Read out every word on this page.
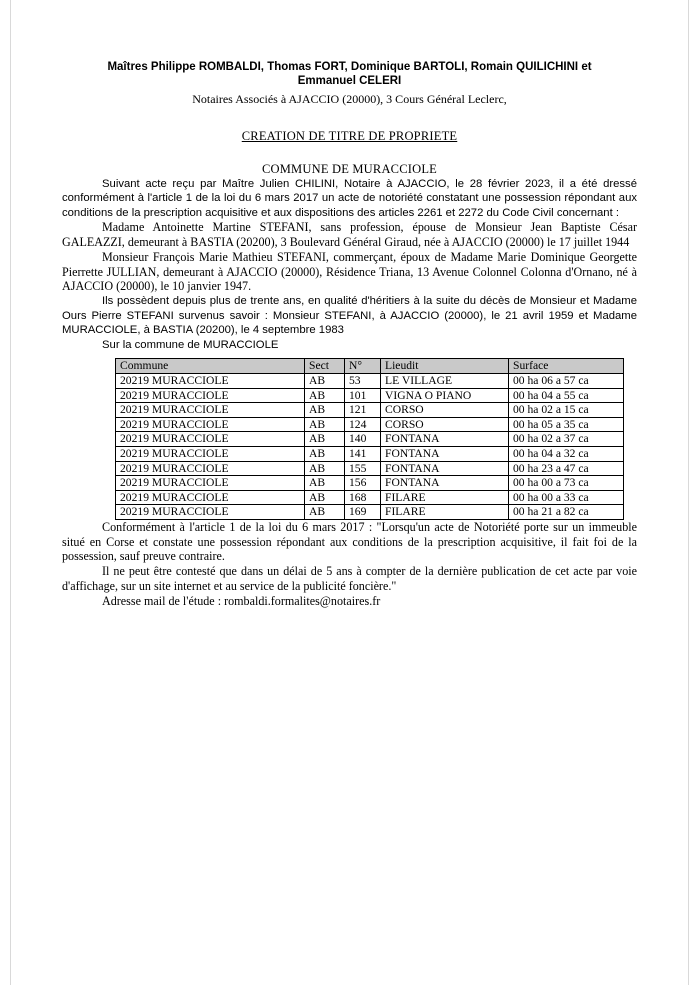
Maîtres Philippe ROMBALDI, Thomas FORT, Dominique BARTOLI, Romain QUILICHINI et
Emmanuel CELERI
Notaires Associés à AJACCIO (20000), 3 Cours Général Leclerc,
CREATION DE TITRE DE PROPRIETE
COMMUNE DE MURACCIOLE

Suivant acte reçu par Maître Julien CHILINI, Notaire à AJACCIO, le 28 février 2023, il a été dressé conformément à l'article 1 de la loi du 6 mars 2017 un acte de notoriété constatant une possession répondant aux conditions de la prescription acquisitive et aux dispositions des articles 2261 et 2272 du Code Civil concernant :

Madame Antoinette Martine STEFANI, sans profession, épouse de Monsieur Jean Baptiste César GALEAZZI, demeurant à BASTIA (20200), 3 Boulevard Général Giraud, née à AJACCIO (20000) le 17 juillet 1944

Monsieur François Marie Mathieu STEFANI, commerçant, époux de Madame Marie Dominique Georgette Pierrette JULLIAN, demeurant à AJACCIO (20000), Résidence Triana, 13 Avenue Colonnel Colonna d'Ornano, né à AJACCIO (20000), le 10 janvier 1947.

Ils possèdent depuis plus de trente ans, en qualité d'héritiers à la suite du décès de Monsieur et Madame Ours Pierre STEFANI survenus savoir : Monsieur STEFANI, à AJACCIO (20000), le 21 avril 1959 et Madame MURACCIOLE, à BASTIA (20200), le 4 septembre 1983

Sur la commune de MURACCIOLE

Commune	Sect	N°	Lieudit	Surface
20219 MURACCIOLE	AB	53	LE VILLAGE	00 ha 06 a 57 ca
20219 MURACCIOLE	AB	101	VIGNA O PIANO	00 ha 04 a 55 ca
20219 MURACCIOLE	AB	121	CORSO	00 ha 02 a 15 ca
20219 MURACCIOLE	AB	124	CORSO	00 ha 05 a 35 ca
20219 MURACCIOLE	AB	140	FONTANA	00 ha 02 a 37 ca
20219 MURACCIOLE	AB	141	FONTANA	00 ha 04 a 32 ca
20219 MURACCIOLE	AB	155	FONTANA	00 ha 23 a 47 ca
20219 MURACCIOLE	AB	156	FONTANA	00 ha 00 a 73 ca
20219 MURACCIOLE	AB	168	FILARE	00 ha 00 a 33 ca
20219 MURACCIOLE	AB	169	FILARE	00 ha 21 a 82 ca

Conformément à l'article 1 de la loi du 6 mars 2017 : "Lorsqu'un acte de Notoriété porte sur un immeuble situé en Corse et constate une possession répondant aux conditions de la prescription acquisitive, il fait foi de la possession, sauf preuve contraire.

Il ne peut être contesté que dans un délai de 5 ans à compter de la dernière publication de cet acte par voie d'affichage, sur un site internet et au service de la publicité foncière."

Adresse mail de l'étude : rombaldi.formalites@notaires.fr
